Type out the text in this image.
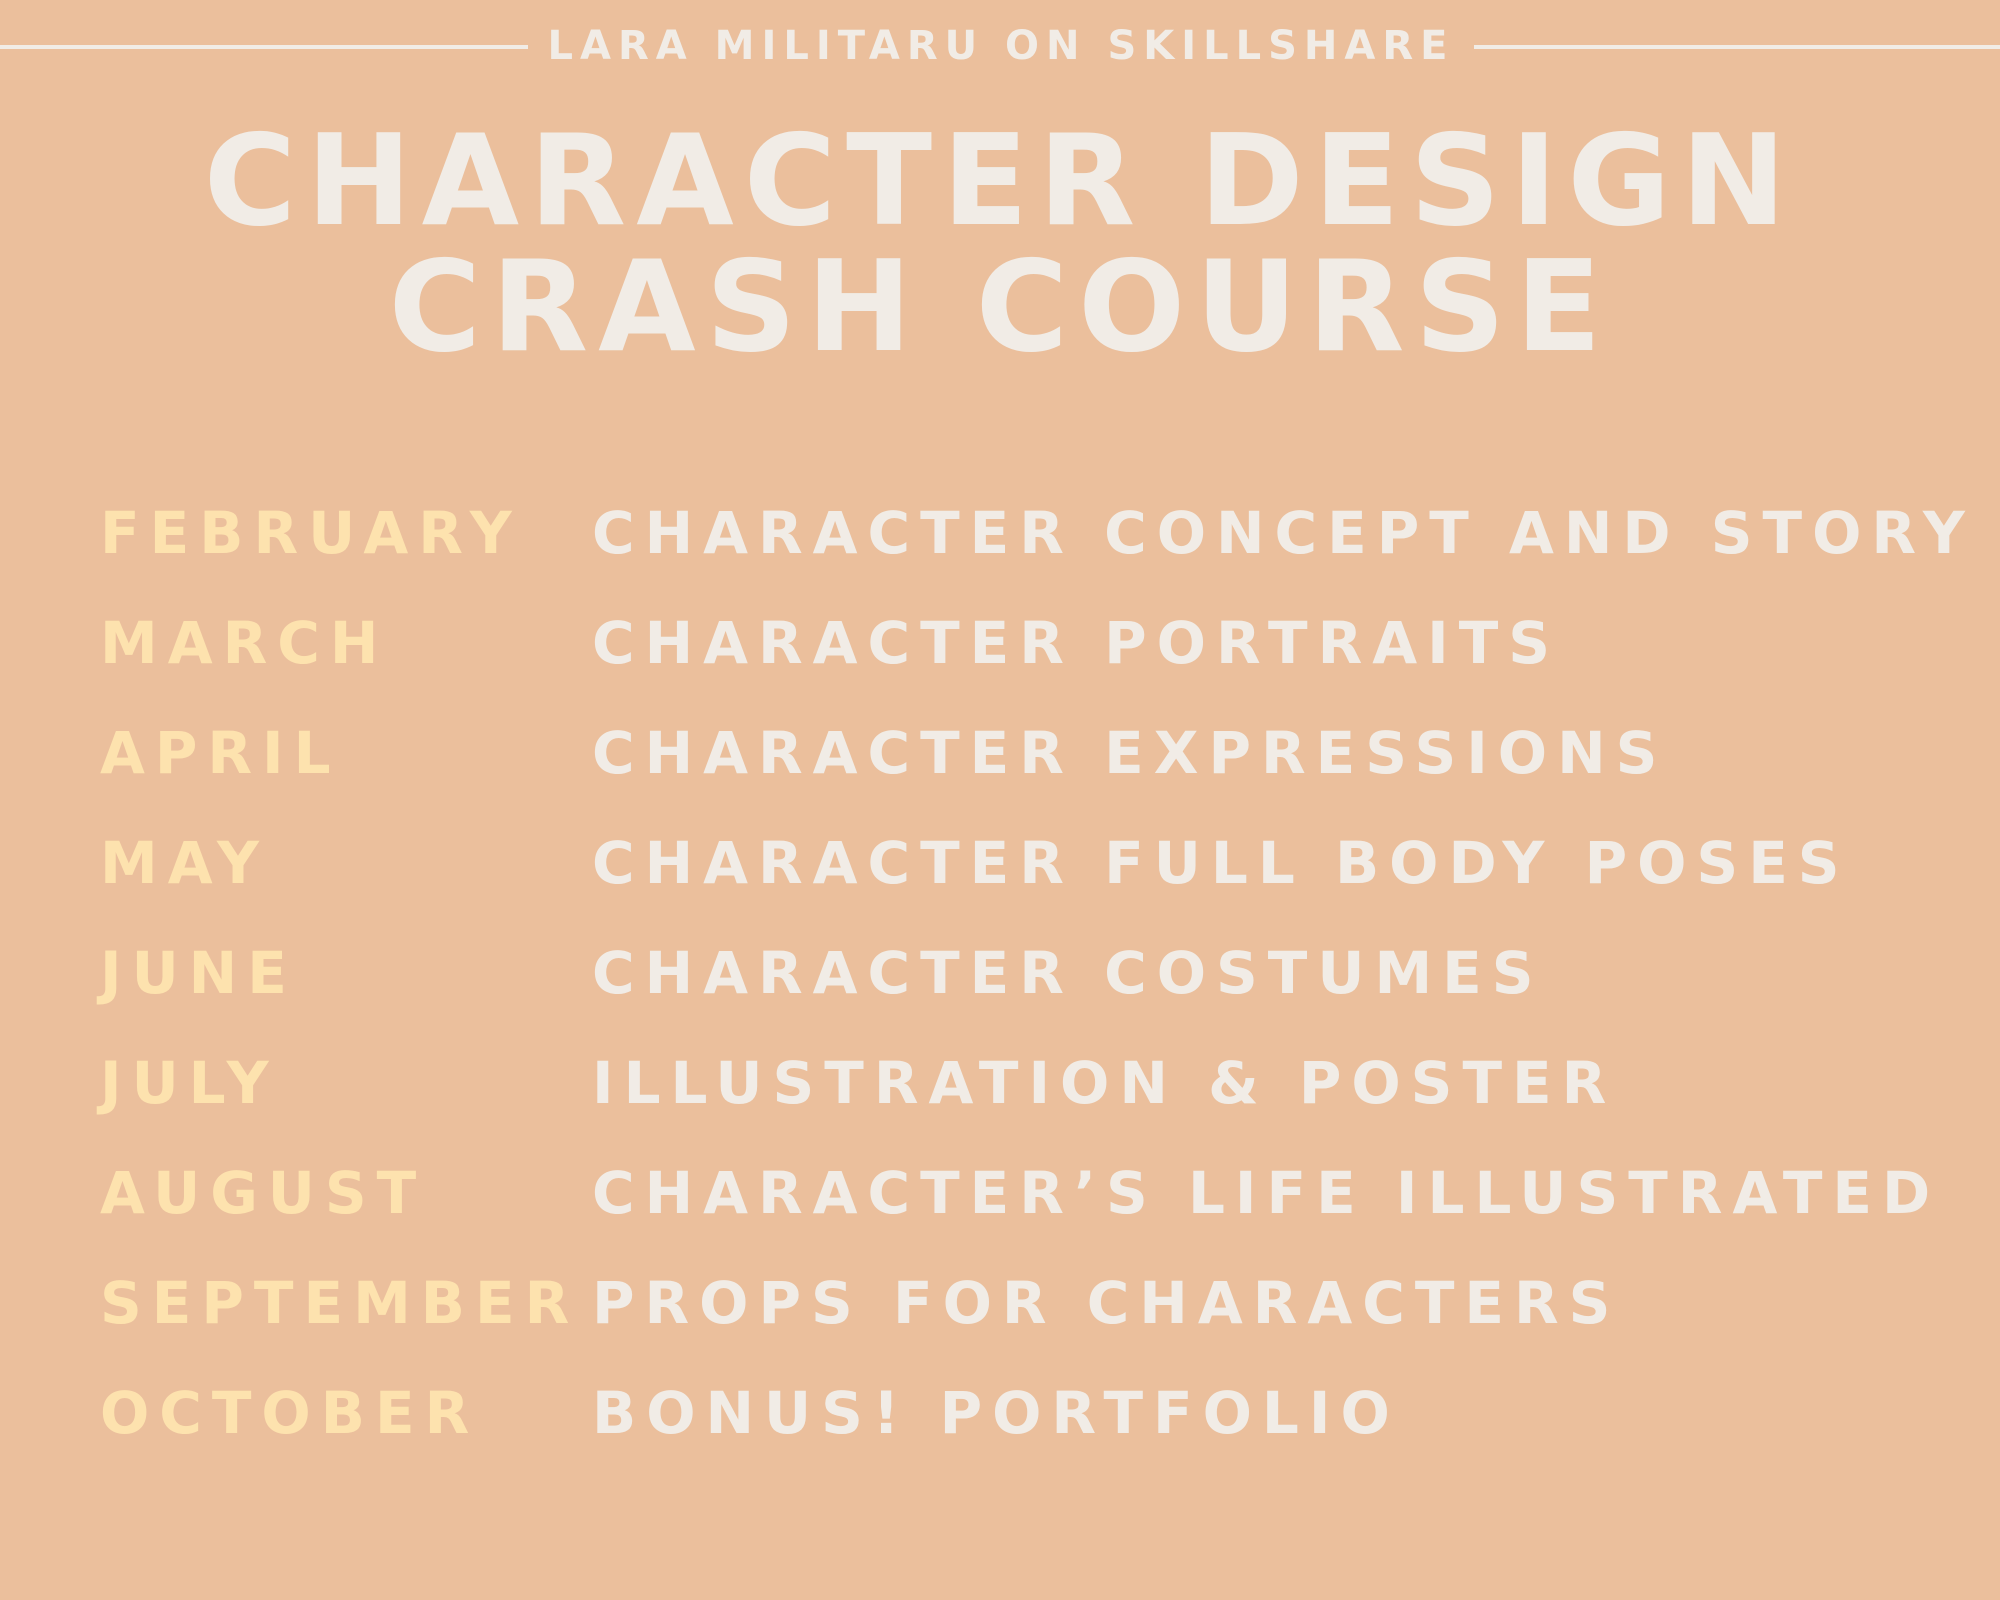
LARA MILITARU ON SKILLSHARE
CHARACTER DESIGN
CRASH COURSE
FEBRUARY	CHARACTER CONCEPT AND STORY
MARCH	CHARACTER PORTRAITS
APRIL	CHARACTER EXPRESSIONS
MAY	CHARACTER FULL BODY POSES
JUNE	CHARACTER COSTUMES
JULY	ILLUSTRATION & POSTER
AUGUST	CHARACTER’S LIFE ILLUSTRATED
SEPTEMBER PROPS FOR CHARACTERS
OCTOBER	BONUS! PORTFOLIO
